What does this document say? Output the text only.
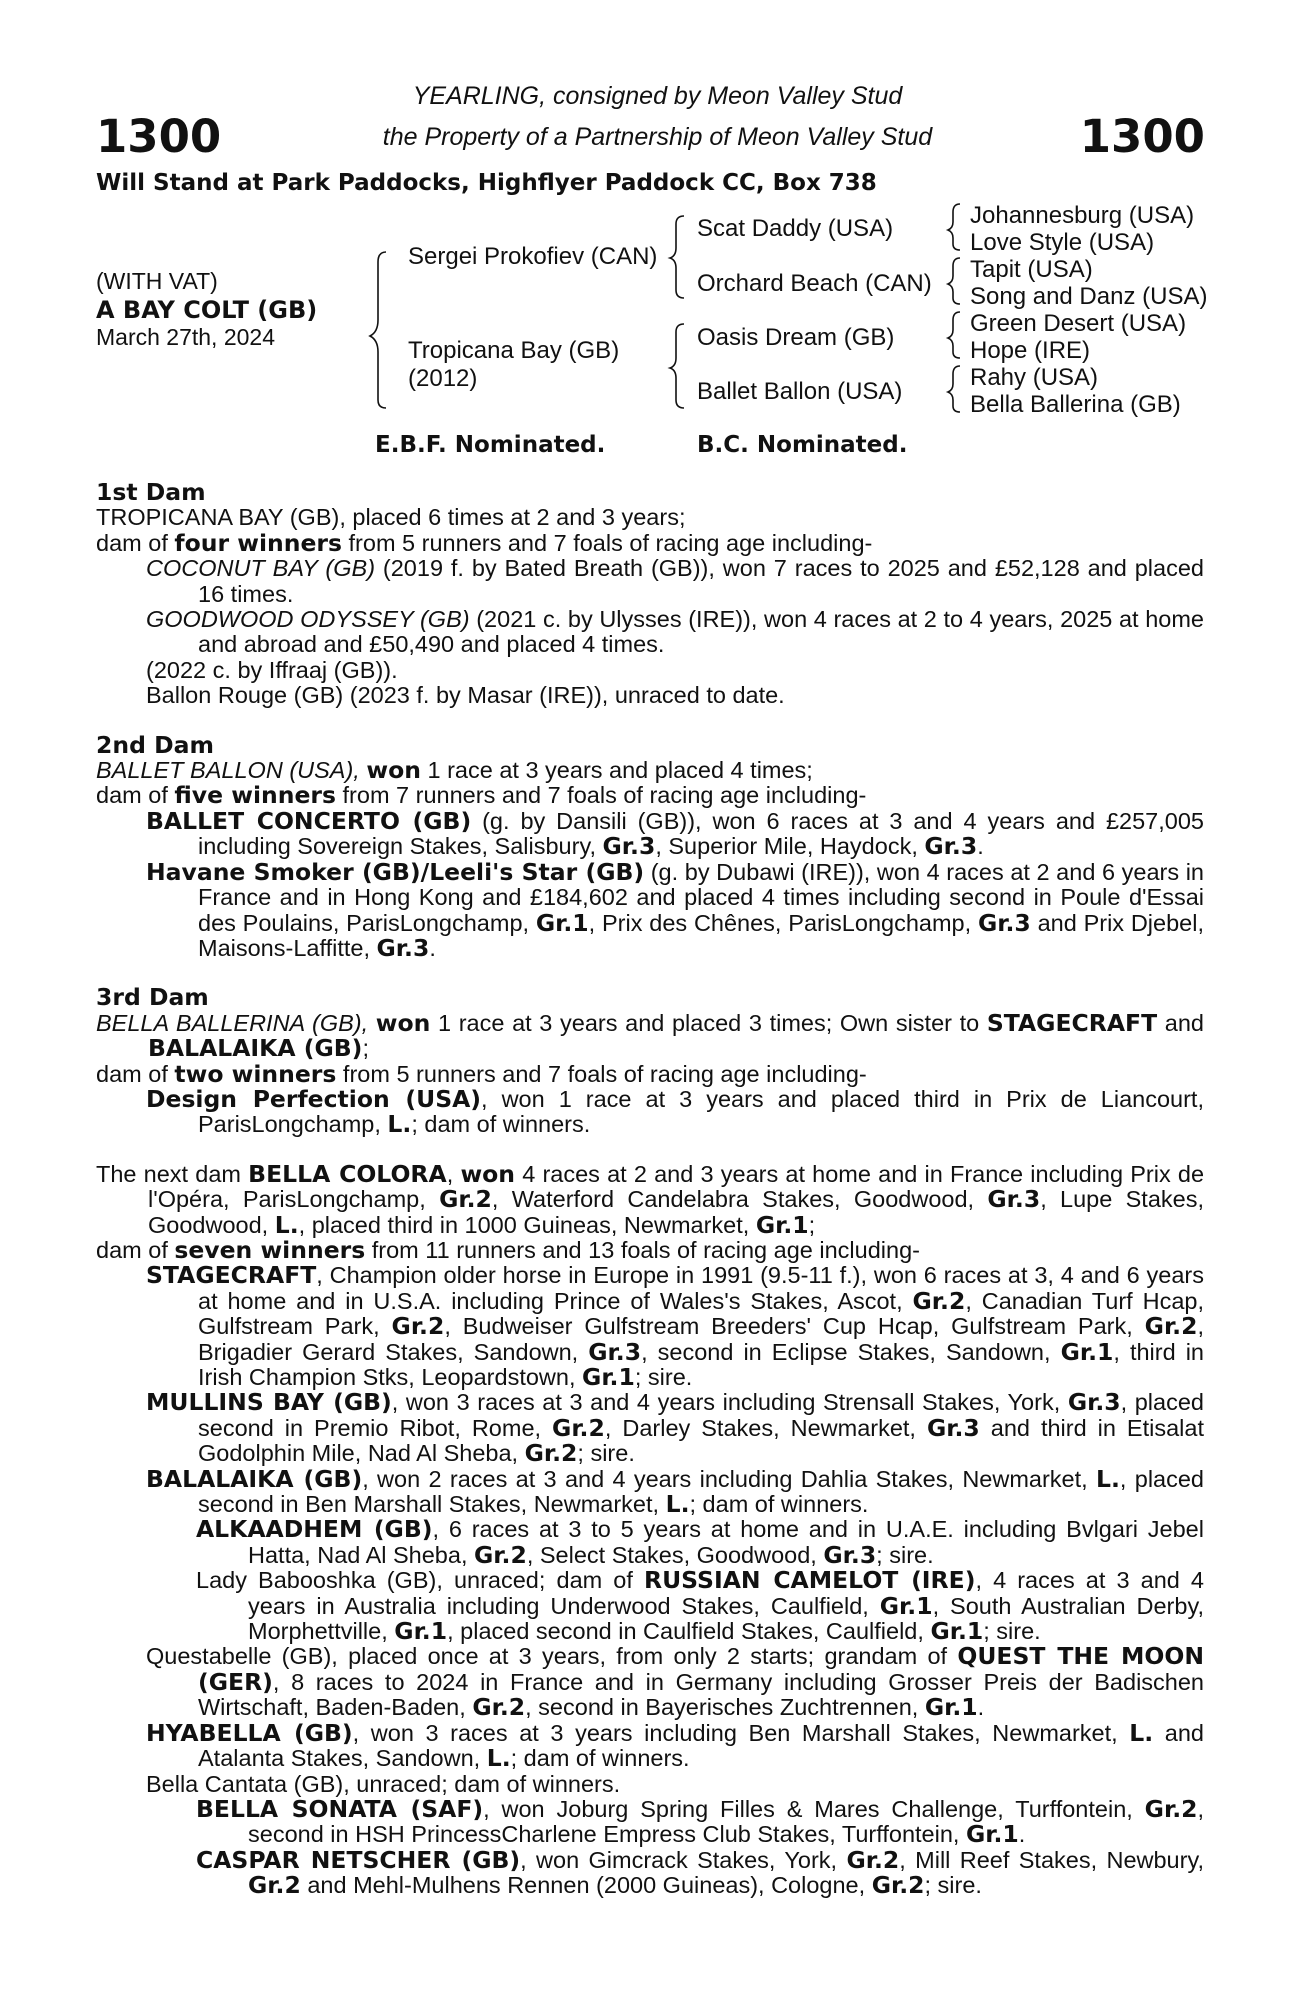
1300	1300
YEARLING, consigned by Meon Valley Stud
the Property of a Partnership of Meon Valley Stud
Will Stand at Park Paddocks, Highflyer Paddock CC, Box 738
(WITH VAT)
A BAY COLT (GB)
March 27th, 2024
Sergei Prokofiev (CAN)
Tropicana Bay (GB)
(2012)
Scat Daddy (USA)
Orchard Beach (CAN)
Oasis Dream (GB)
Ballet Ballon (USA)
Johannesburg (USA)
Love Style (USA)
Tapit (USA)
Song and Danz (USA)
Green Desert (USA)
Hope (IRE)
Rahy (USA)
Bella Ballerina (GB)
E.B.F. Nominated.	B.C. Nominated.
1st Dam
TROPICANA BAY (GB), placed 6 times at 2 and 3 years;
dam of four winners from 5 runners and 7 foals of racing age including-
COCONUT BAY (GB) (2019 f. by Bated Breath (GB)), won 7 races to 2025 and £52,128 and placed 16 times.
GOODWOOD ODYSSEY (GB) (2021 c. by Ulysses (IRE)), won 4 races at 2 to 4 years, 2025 at home and abroad and £50,490 and placed 4 times.
(2022 c. by Iffraaj (GB)).
Ballon Rouge (GB) (2023 f. by Masar (IRE)), unraced to date.
2nd Dam
BALLET BALLON (USA), won 1 race at 3 years and placed 4 times;
dam of five winners from 7 runners and 7 foals of racing age including-
BALLET CONCERTO (GB) (g. by Dansili (GB)), won 6 races at 3 and 4 years and £257,005 including Sovereign Stakes, Salisbury, Gr.3, Superior Mile, Haydock, Gr.3.
Havane Smoker (GB)/Leeli's Star (GB) (g. by Dubawi (IRE)), won 4 races at 2 and 6 years in France and in Hong Kong and £184,602 and placed 4 times including second in Poule d'Essai des Poulains, ParisLongchamp, Gr.1, Prix des Chênes, ParisLongchamp, Gr.3 and Prix Djebel, Maisons-Laffitte, Gr.3.
3rd Dam
BELLA BALLERINA (GB), won 1 race at 3 years and placed 3 times; Own sister to STAGECRAFT and BALALAIKA (GB);
dam of two winners from 5 runners and 7 foals of racing age including-
Design Perfection (USA), won 1 race at 3 years and placed third in Prix de Liancourt, ParisLongchamp, L.; dam of winners.
The next dam BELLA COLORA, won 4 races at 2 and 3 years at home and in France including Prix de l'Opéra, ParisLongchamp, Gr.2, Waterford Candelabra Stakes, Goodwood, Gr.3, Lupe Stakes, Goodwood, L., placed third in 1000 Guineas, Newmarket, Gr.1;
dam of seven winners from 11 runners and 13 foals of racing age including-
STAGECRAFT, Champion older horse in Europe in 1991 (9.5-11 f.), won 6 races at 3, 4 and 6 years at home and in U.S.A. including Prince of Wales's Stakes, Ascot, Gr.2, Canadian Turf Hcap, Gulfstream Park, Gr.2, Budweiser Gulfstream Breeders' Cup Hcap, Gulfstream Park, Gr.2, Brigadier Gerard Stakes, Sandown, Gr.3, second in Eclipse Stakes, Sandown, Gr.1, third in Irish Champion Stks, Leopardstown, Gr.1; sire.
MULLINS BAY (GB), won 3 races at 3 and 4 years including Strensall Stakes, York, Gr.3, placed second in Premio Ribot, Rome, Gr.2, Darley Stakes, Newmarket, Gr.3 and third in Etisalat Godolphin Mile, Nad Al Sheba, Gr.2; sire.
BALALAIKA (GB), won 2 races at 3 and 4 years including Dahlia Stakes, Newmarket, L., placed second in Ben Marshall Stakes, Newmarket, L.; dam of winners.
ALKAADHEM (GB), 6 races at 3 to 5 years at home and in U.A.E. including Bvlgari Jebel Hatta, Nad Al Sheba, Gr.2, Select Stakes, Goodwood, Gr.3; sire.
Lady Babooshka (GB), unraced; dam of RUSSIAN CAMELOT (IRE), 4 races at 3 and 4 years in Australia including Underwood Stakes, Caulfield, Gr.1, South Australian Derby, Morphettville, Gr.1, placed second in Caulfield Stakes, Caulfield, Gr.1; sire.
Questabelle (GB), placed once at 3 years, from only 2 starts; grandam of QUEST THE MOON (GER), 8 races to 2024 in France and in Germany including Grosser Preis der Badischen Wirtschaft, Baden-Baden, Gr.2, second in Bayerisches Zuchtrennen, Gr.1.
HYABELLA (GB), won 3 races at 3 years including Ben Marshall Stakes, Newmarket, L. and Atalanta Stakes, Sandown, L.; dam of winners.
Bella Cantata (GB), unraced; dam of winners.
BELLA SONATA (SAF), won Joburg Spring Filles & Mares Challenge, Turffontein, Gr.2, second in HSH PrincessCharlene Empress Club Stakes, Turffontein, Gr.1.
CASPAR NETSCHER (GB), won Gimcrack Stakes, York, Gr.2, Mill Reef Stakes, Newbury, Gr.2 and Mehl-Mulhens Rennen (2000 Guineas), Cologne, Gr.2; sire.
